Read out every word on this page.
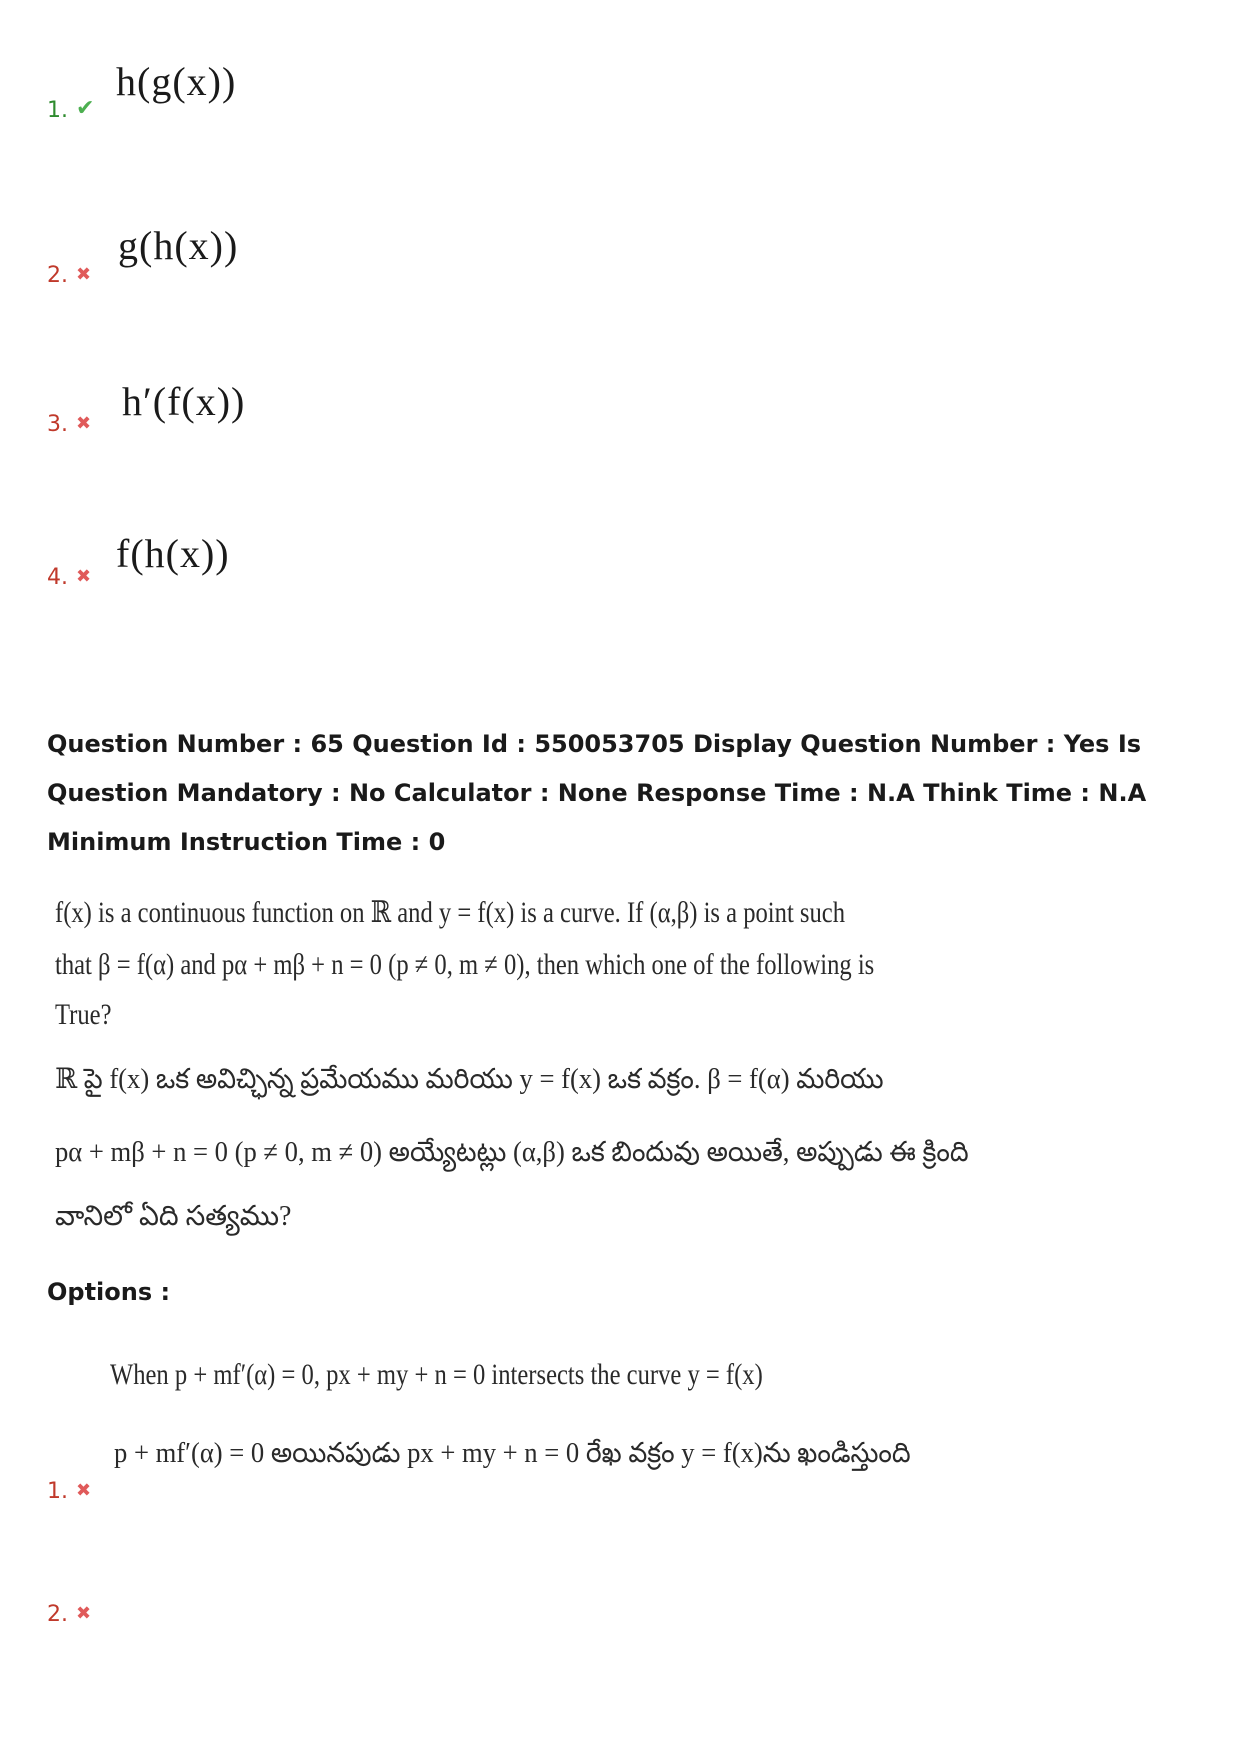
1. ✔
h(g(x))
2. ✖
g(h(x))
3. ✖ h′(f(x))
4. ✖
f(h(x))
Question Number : 65 Question Id : 550053705 Display Question Number : Yes Is Question Mandatory : No Calculator : None Response Time : N.A Think Time : N.A Minimum Instruction Time : 0
f(x) is a continuous function on ℝ and y = f(x) is a curve. If (α,β) is a point such
that β = f(α) and pα + mβ + n = 0 (p ≠ 0, m ≠ 0), then which one of the following is
True?
ℝ పై f(x) ఒక అవిచ్ఛిన్న ప్రమేయము మరియు y = f(x) ఒక వక్రం. β = f(α) మరియు
pα + mβ + n = 0 (p ≠ 0, m ≠ 0) అయ్యేటట్లు (α,β) ఒక బిందువు అయితే, అప్పుడు ఈ క్రింది
వానిలో ఏది సత్యము?
Options :
When p + mf′(α) = 0, px + my + n = 0 intersects the curve y = f(x)
p + mf′(α) = 0 అయినపుడు px + my + n = 0 రేఖ వక్రం y = f(x)ను ఖండిస్తుంది
1. ✖
2. ✖
